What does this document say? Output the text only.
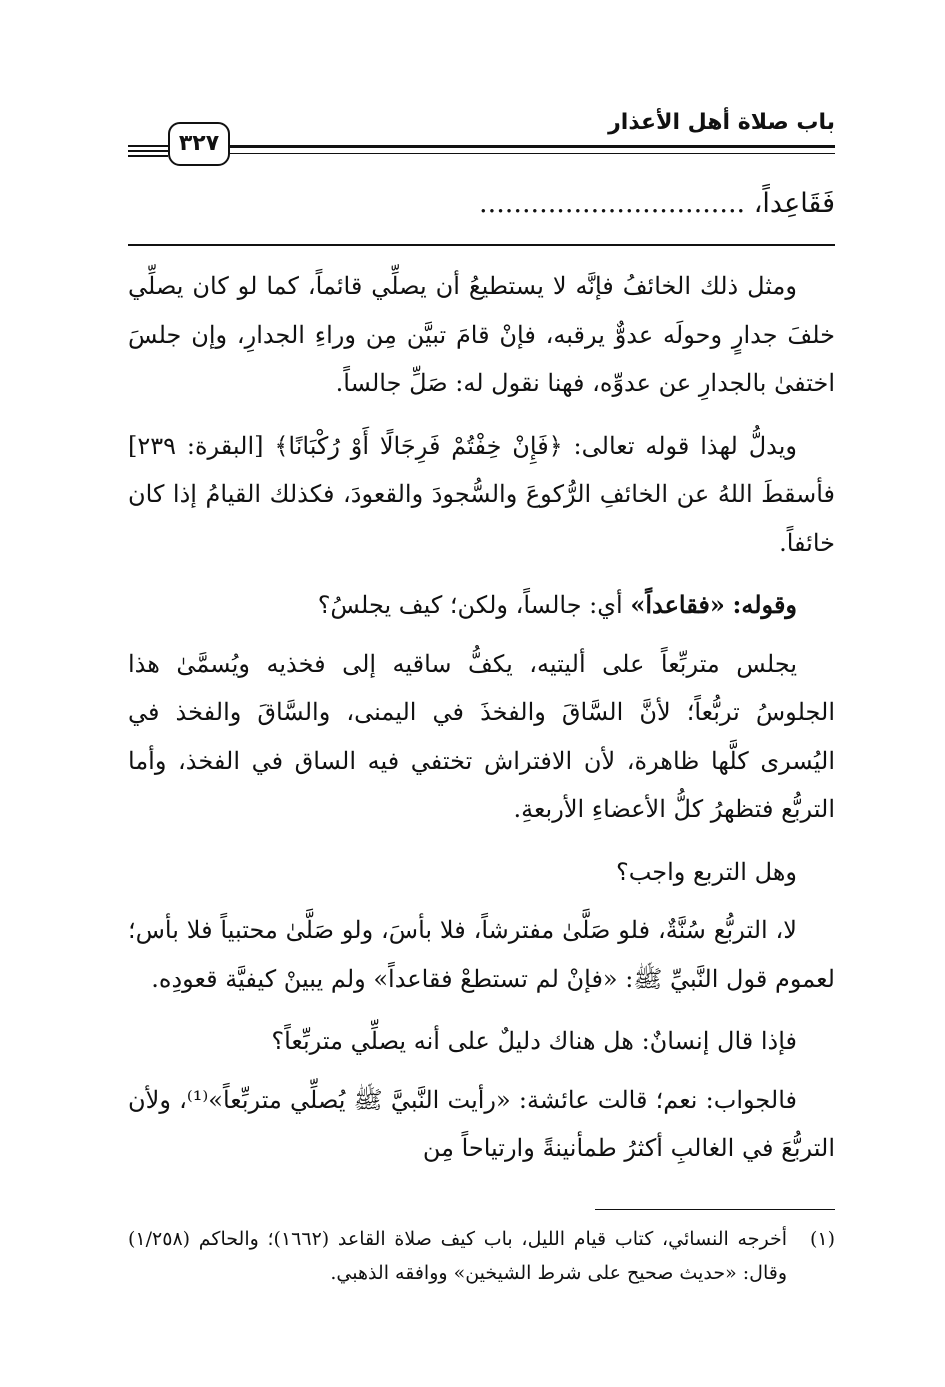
باب صلاة أهل الأعذار
٣٢٧
فَقَاعِداً، ...............................

ومثل ذلك الخائفُ فإنَّه لا يستطيعُ أن يصلِّي قائماً، كما لو كان يصلِّي خلفَ جدارٍ وحولَه عدوٌّ يرقبه، فإنْ قامَ تبيَّن مِن وراءِ الجدارِ، وإن جلسَ اختفىٰ بالجدارِ عن عدوِّه، فهنا نقول له: صَلِّ جالساً.

ويدلُّ لهذا قوله تعالى: ﴿فَإِنْ خِفْتُمْ فَرِجَالًا أَوْ رُكْبَانًا﴾ [البقرة: ٢٣٩] فأسقطَ اللهُ عن الخائفِ الرُّكوعَ والسُّجودَ والقعودَ، فكذلك القيامُ إذا كان خائفاً.

وقوله: «فقاعداً» أي: جالساً، ولكن؛ كيف يجلسُ؟

يجلس متربِّعاً على أليتيه، يكفُّ ساقيه إلى فخذيه ويُسمَّىٰ هذا الجلوسُ تربُّعاً؛ لأنَّ السَّاقَ والفخذَ في اليمنى، والسَّاقَ والفخذ في اليُسرى كلَّها ظاهرة، لأن الافتراش تختفي فيه الساق في الفخذ، وأما التربُّع فتظهرُ كلُّ الأعضاءِ الأربعةِ.

وهل التربع واجب؟

لا، التربُّع سُنَّةٌ، فلو صَلَّىٰ مفترشاً، فلا بأسَ، ولو صَلَّىٰ محتبياً فلا بأس؛ لعموم قول النَّبيِّ ﷺ: «فإنْ لم تستطعْ فقاعداً» ولم يبينْ كيفيَّة قعودِه.

فإذا قال إنسانٌ: هل هناك دليلٌ على أنه يصلِّي متربِّعاً؟

فالجواب: نعم؛ قالت عائشة: «رأيت النَّبيَّ ﷺ يُصلِّي متربِّعاً»⁽¹⁾، ولأن التربُّعَ في الغالبِ أكثرُ طمأنينةً وارتياحاً مِن

(١)
أخرجه النسائي، كتاب قيام الليل، باب كيف صلاة القاعد (١٦٦٢)؛ والحاكم (١/٢٥٨) وقال: «حديث صحيح على شرط الشيخين» ووافقه الذهبي.
